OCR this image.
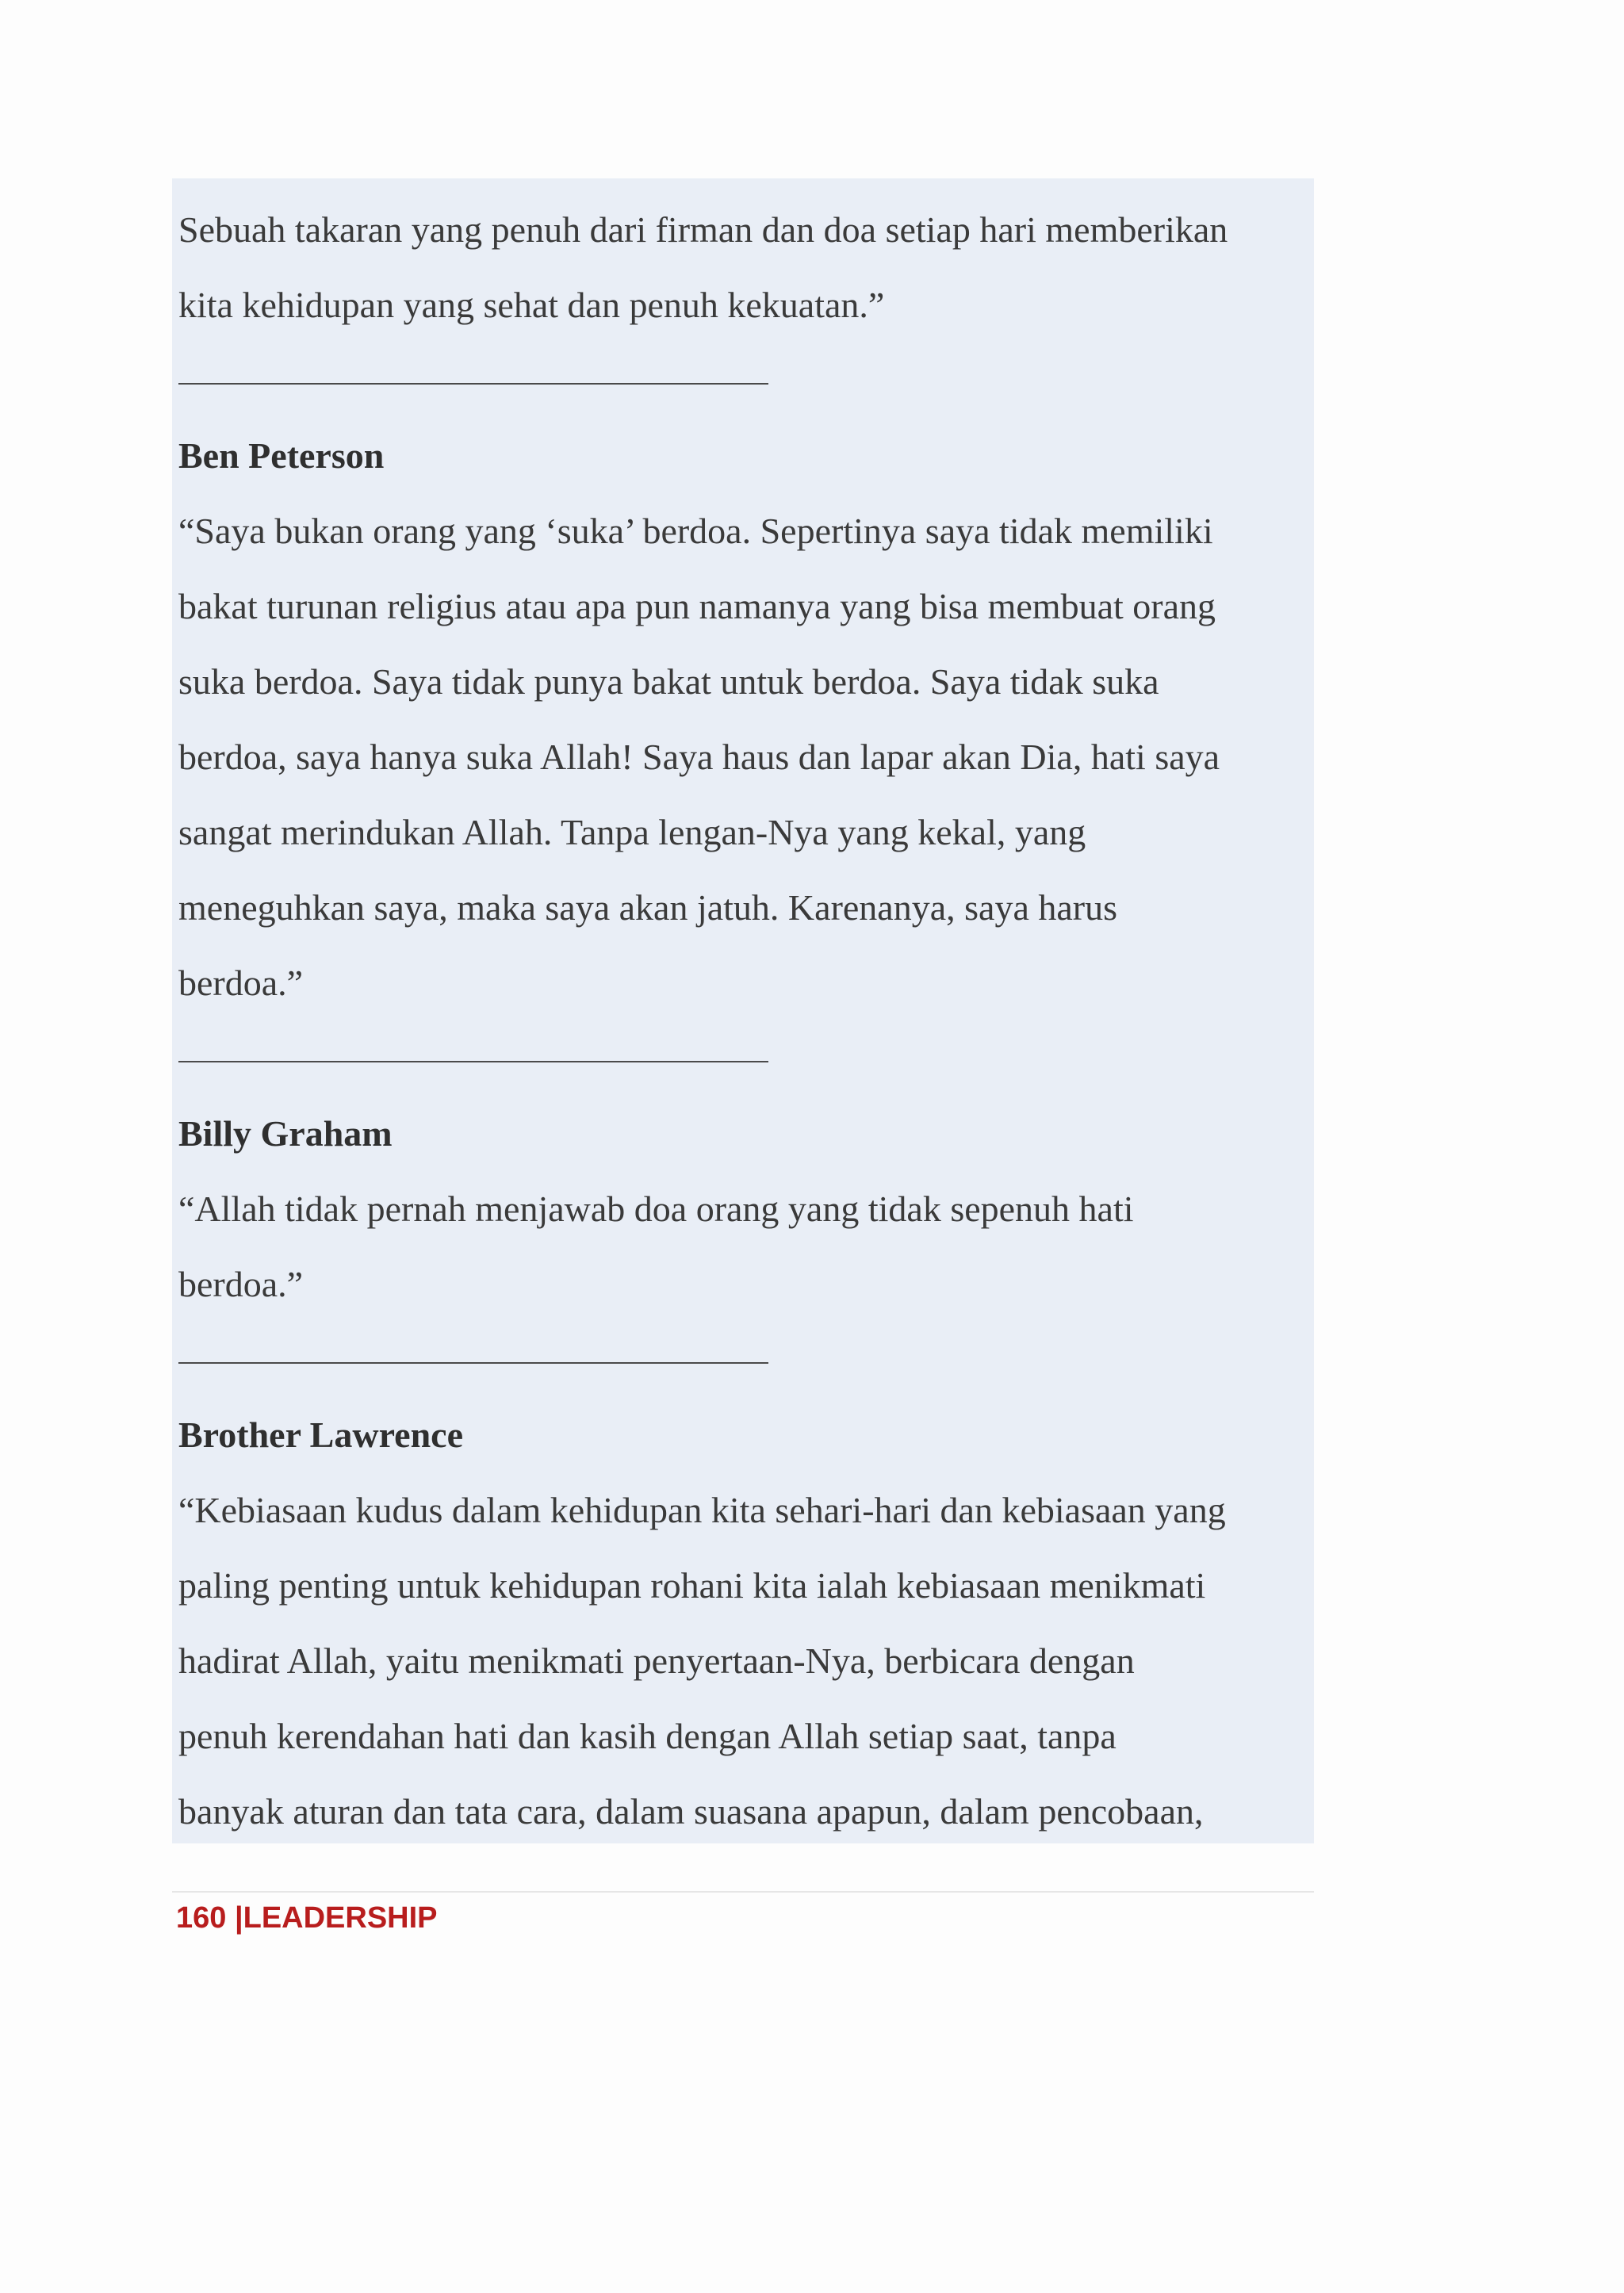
Sebuah takaran yang penuh dari firman dan doa setiap hari memberikan
kita kehidupan yang sehat dan penuh kekuatan.”
Ben Peterson
“Saya bukan orang yang ‘suka’ berdoa. Sepertinya saya tidak memiliki
bakat turunan religius atau apa pun namanya yang bisa membuat orang
suka berdoa. Saya tidak punya bakat untuk berdoa. Saya tidak suka
berdoa, saya hanya suka Allah! Saya haus dan lapar akan Dia, hati saya
sangat merindukan Allah. Tanpa lengan-Nya yang kekal, yang
meneguhkan saya, maka saya akan jatuh. Karenanya, saya harus
berdoa.”
Billy Graham
“Allah tidak pernah menjawab doa orang yang tidak sepenuh hati
berdoa.”
Brother Lawrence
“Kebiasaan kudus dalam kehidupan kita sehari-hari dan kebiasaan yang
paling penting untuk kehidupan rohani kita ialah kebiasaan menikmati
hadirat Allah, yaitu menikmati penyertaan-Nya, berbicara dengan
penuh kerendahan hati dan kasih dengan Allah setiap saat, tanpa
banyak aturan dan tata cara, dalam suasana apapun, dalam pencobaan,
160 |LEADERSHIP
